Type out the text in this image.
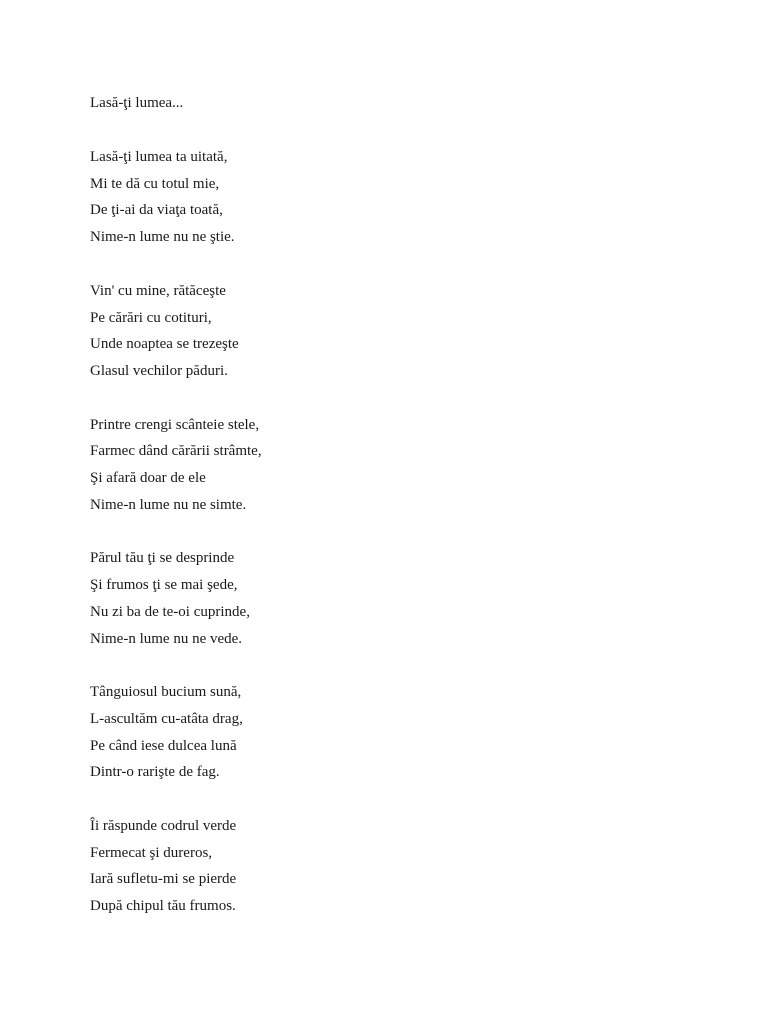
Lasă-ţi lumea...
Lasă-ţi lumea ta uitată,
Mi te dă cu totul mie,
De ţi-ai da viaţa toată,
Nime-n lume nu ne ştie.
Vin' cu mine, rătăceşte
Pe cărări cu cotituri,
Unde noaptea se trezeşte
Glasul vechilor păduri.
Printre crengi scânteie stele,
Farmec dând cărării strâmte,
Şi afară doar de ele
Nime-n lume nu ne simte.
Părul tău ţi se desprinde
Şi frumos ţi se mai şede,
Nu zi ba de te-oi cuprinde,
Nime-n lume nu ne vede.
Tânguiosul bucium sună,
L-ascultăm cu-atâta drag,
Pe când iese dulcea lună
Dintr-o rarişte de fag.
Îi răspunde codrul verde
Fermecat şi dureros,
Iară sufletu-mi se pierde
După chipul tău frumos.
